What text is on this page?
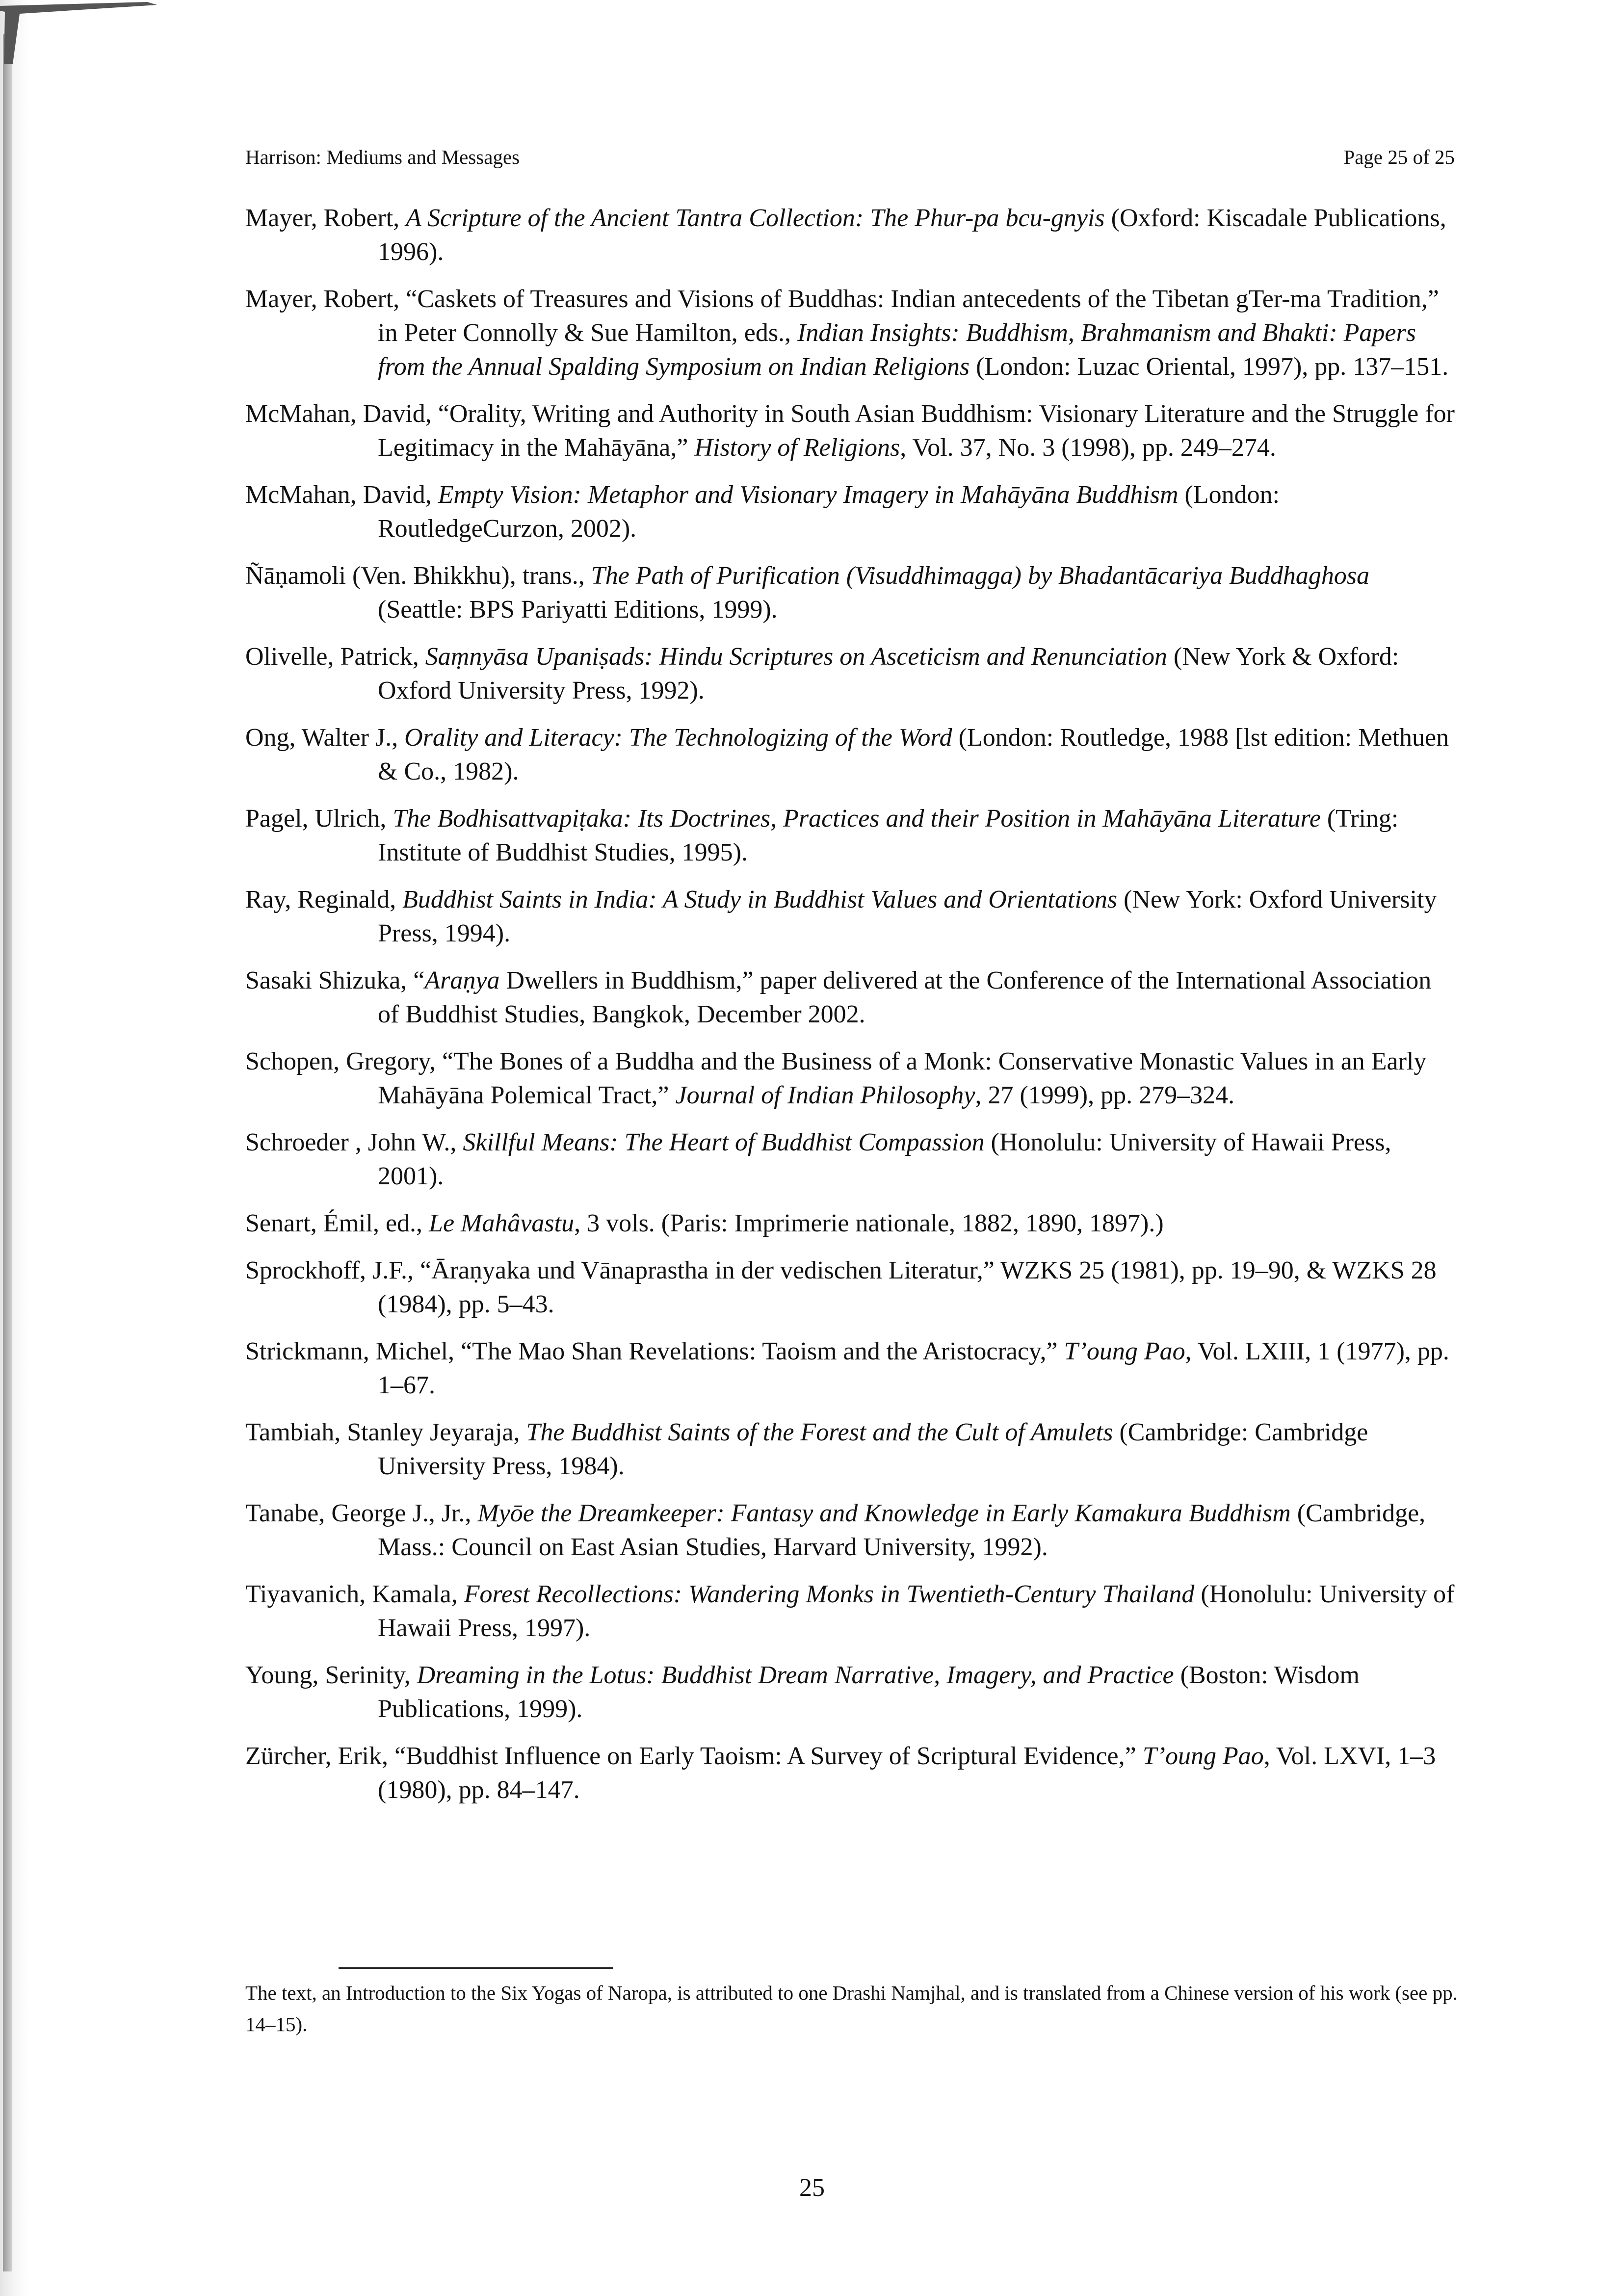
Harrison: Mediums and Messages	Page 25 of 25

Mayer, Robert, A Scripture of the Ancient Tantra Collection: The Phur-pa bcu-gnyis (Oxford: Kiscadale Publications, 1996).

Mayer, Robert, “Caskets of Treasures and Visions of Buddhas: Indian antecedents of the Tibetan gTer-ma Tradition,” in Peter Connolly & Sue Hamilton, eds., Indian Insights: Buddhism, Brahmanism and Bhakti: Papers from the Annual Spalding Symposium on Indian Religions (London: Luzac Oriental, 1997), pp. 137–151.

McMahan, David, “Orality, Writing and Authority in South Asian Buddhism: Visionary Literature and the Struggle for Legitimacy in the Mahāyāna,” History of Religions, Vol. 37, No. 3 (1998), pp. 249–274.

McMahan, David, Empty Vision: Metaphor and Visionary Imagery in Mahāyāna Buddhism (London: RoutledgeCurzon, 2002).

Ñāṇamoli (Ven. Bhikkhu), trans., The Path of Purification (Visuddhimagga) by Bhadantācariya Buddhaghosa (Seattle: BPS Pariyatti Editions, 1999).

Olivelle, Patrick, Saṃnyāsa Upaniṣads: Hindu Scriptures on Asceticism and Renunciation (New York & Oxford: Oxford University Press, 1992).

Ong, Walter J., Orality and Literacy: The Technologizing of the Word (London: Routledge, 1988 [lst edition: Methuen & Co., 1982).

Pagel, Ulrich, The Bodhisattvapiṭaka: Its Doctrines, Practices and their Position in Mahāyāna Literature (Tring: Institute of Buddhist Studies, 1995).

Ray, Reginald, Buddhist Saints in India: A Study in Buddhist Values and Orientations (New York: Oxford University Press, 1994).

Sasaki Shizuka, “Araṇya Dwellers in Buddhism,” paper delivered at the Conference of the International Association of Buddhist Studies, Bangkok, December 2002.

Schopen, Gregory, “The Bones of a Buddha and the Business of a Monk: Conservative Monastic Values in an Early Mahāyāna Polemical Tract,” Journal of Indian Philosophy, 27 (1999), pp. 279–324.

Schroeder , John W., Skillful Means: The Heart of Buddhist Compassion (Honolulu: University of Hawaii Press, 2001).

Senart, Émil, ed., Le Mahâvastu, 3 vols. (Paris: Imprimerie nationale, 1882, 1890, 1897).)

Sprockhoff, J.F., “Āraṇyaka und Vānaprastha in der vedischen Literatur,” WZKS 25 (1981), pp. 19–90, & WZKS 28 (1984), pp. 5–43.

Strickmann, Michel, “The Mao Shan Revelations: Taoism and the Aristocracy,” T’oung Pao, Vol. LXIII, 1 (1977), pp. 1–67.

Tambiah, Stanley Jeyaraja, The Buddhist Saints of the Forest and the Cult of Amulets (Cambridge: Cambridge University Press, 1984).

Tanabe, George J., Jr., Myōe the Dreamkeeper: Fantasy and Knowledge in Early Kamakura Buddhism (Cambridge, Mass.: Council on East Asian Studies, Harvard University, 1992).

Tiyavanich, Kamala, Forest Recollections: Wandering Monks in Twentieth-Century Thailand (Honolulu: University of Hawaii Press, 1997).

Young, Serinity, Dreaming in the Lotus: Buddhist Dream Narrative, Imagery, and Practice (Boston: Wisdom Publications, 1999).

Zürcher, Erik, “Buddhist Influence on Early Taoism: A Survey of Scriptural Evidence,” T’oung Pao, Vol. LXVI, 1–3 (1980), pp. 84–147.

The text, an Introduction to the Six Yogas of Naropa, is attributed to one Drashi Namjhal, and is translated from a Chinese version of his work (see pp. 14–15).
25
